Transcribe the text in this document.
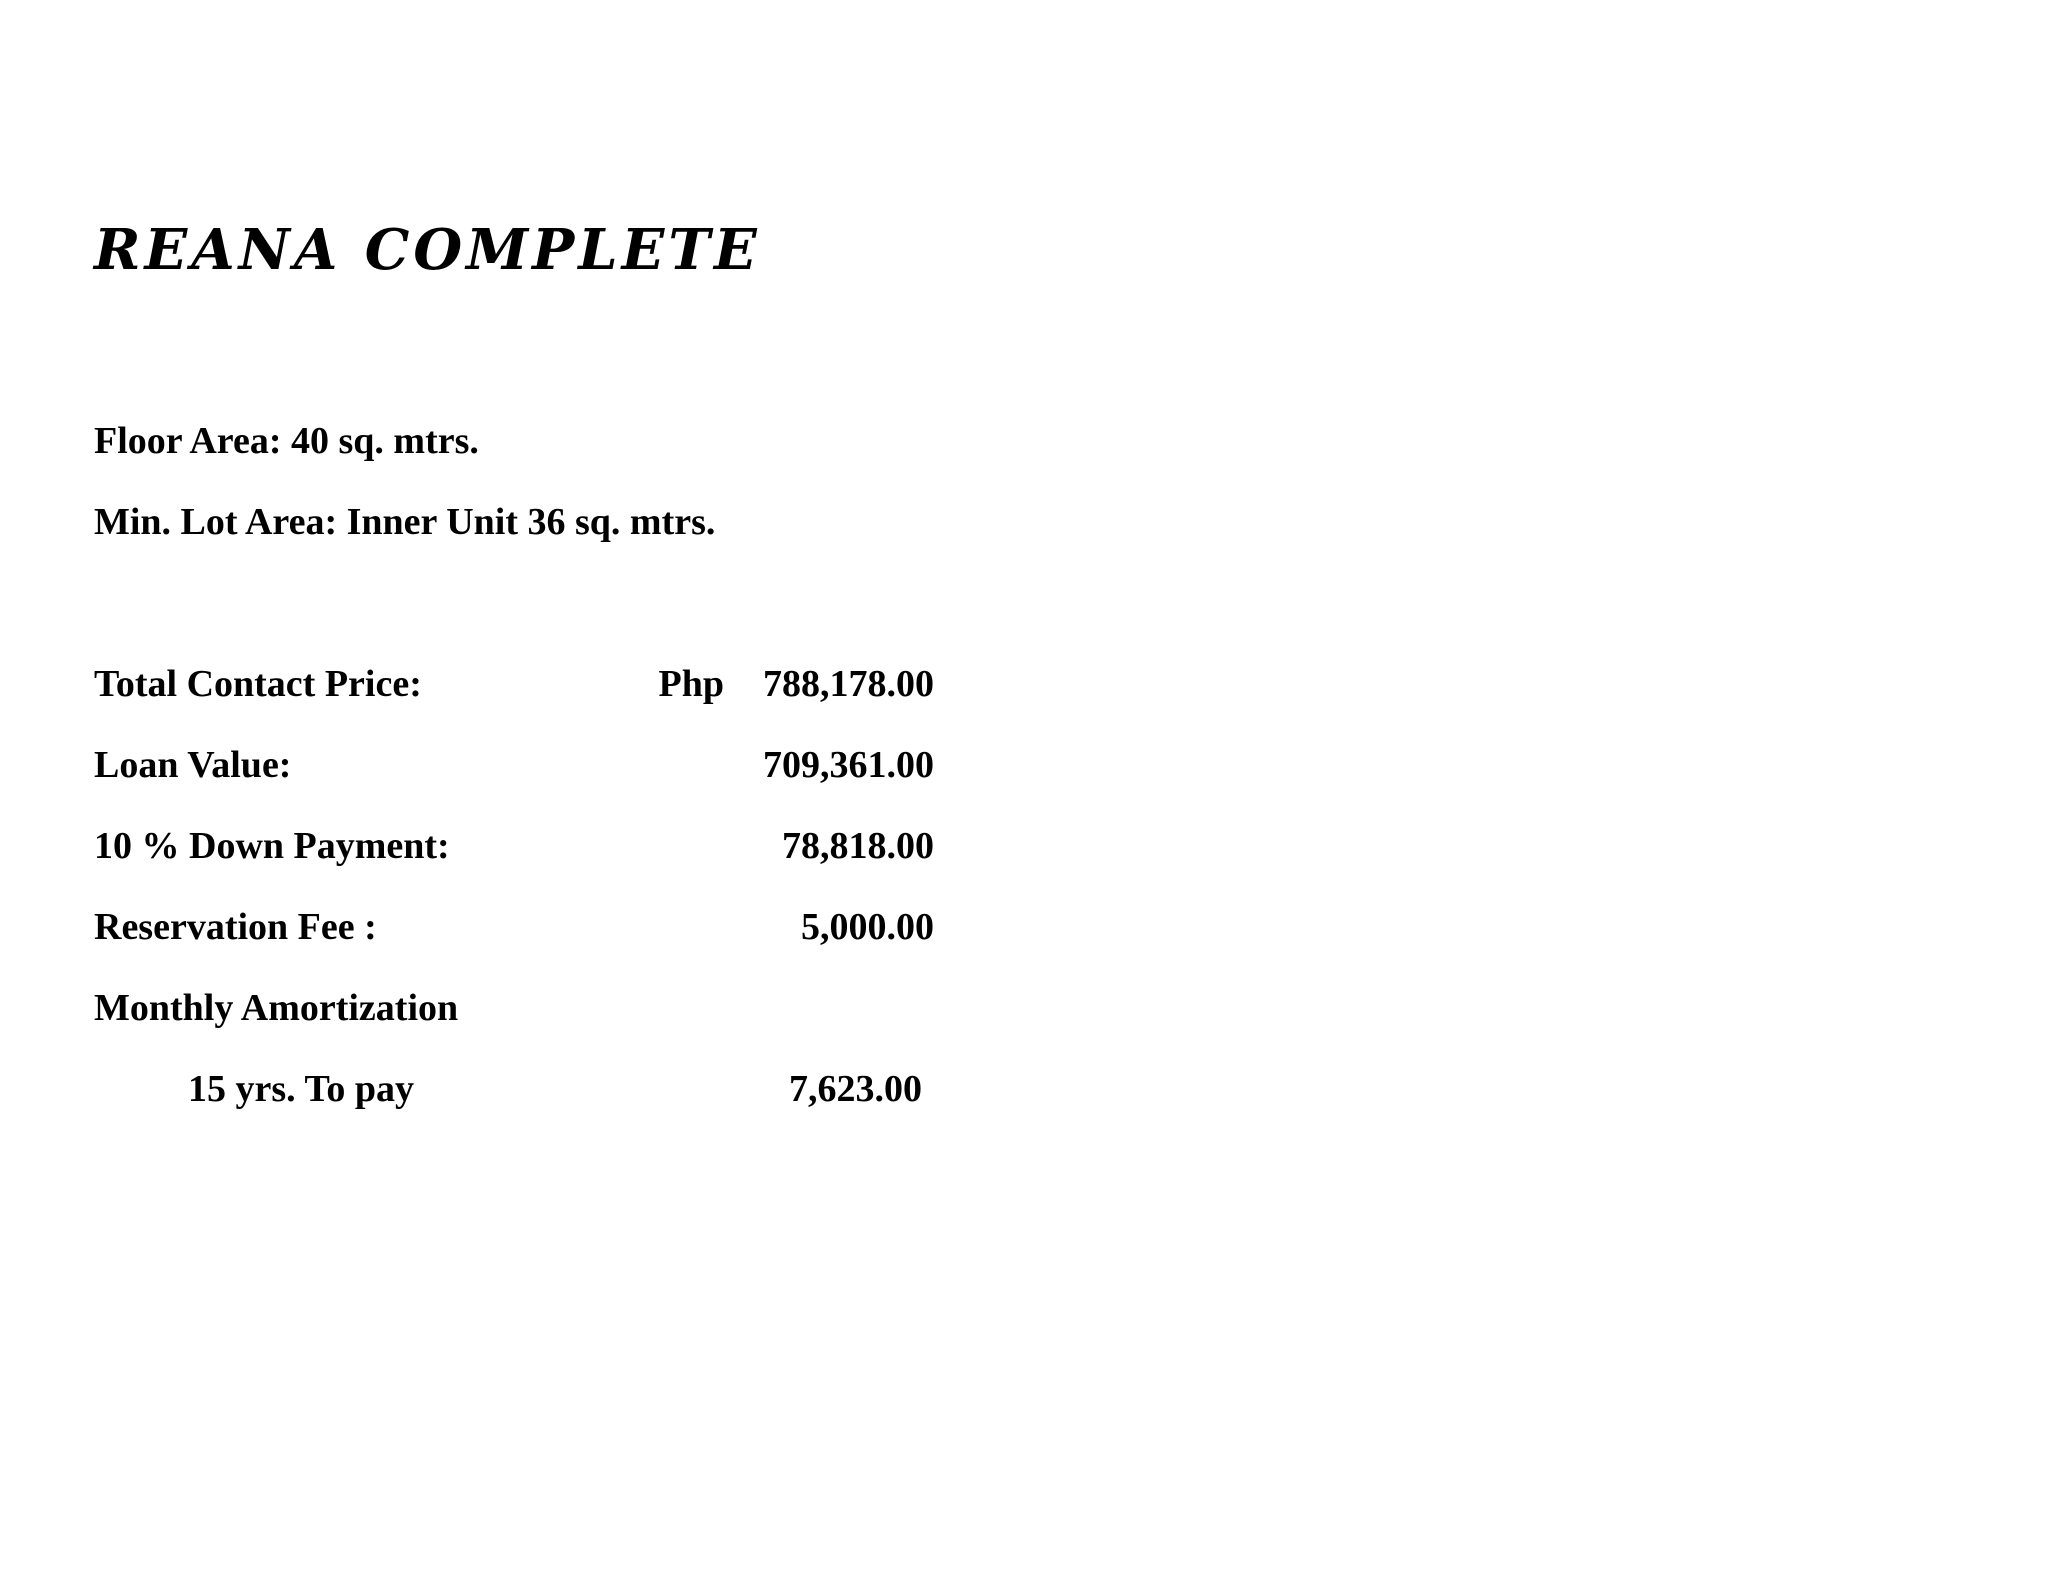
REANA COMPLETE
Floor Area: 40 sq. mtrs.
Min. Lot Area: Inner Unit 36 sq. mtrs.
Total Contact Price:	Php 788,178.00
Loan Value:	709,361.00
10 % Down Payment:	78,818.00
Reservation Fee :	5,000.00
Monthly Amortization
15 yrs. To pay	7,623.00
